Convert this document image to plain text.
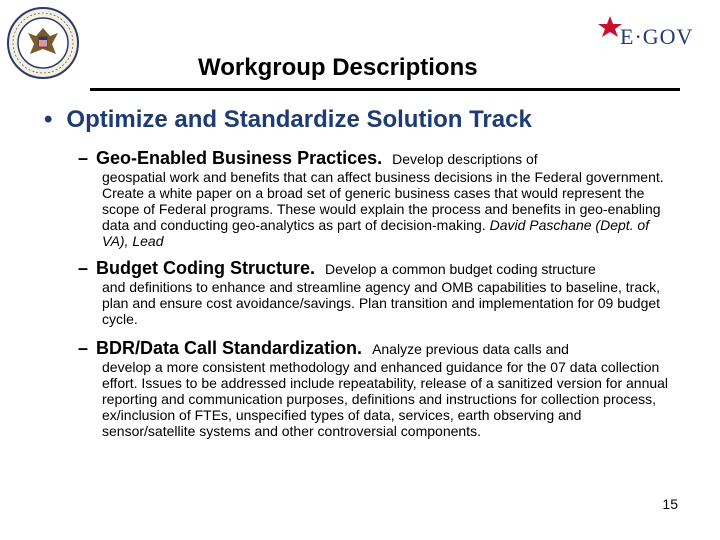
E·GOV
Workgroup Descriptions
• Optimize and Standardize Solution Track
– Geo-Enabled Business Practices. Develop descriptions of
geospatial work and benefits that can affect business decisions in the Federal government. Create a white paper on a broad set of generic business cases that would represent the scope of Federal programs. These would explain the process and benefits in geo-enabling data and conducting geo-analytics as part of decision-making. David Paschane (Dept. of VA), Lead
– Budget Coding Structure. Develop a common budget coding structure
and definitions to enhance and streamline agency and OMB capabilities to baseline, track, plan and ensure cost avoidance/savings. Plan transition and implementation for 09 budget cycle.
– BDR/Data Call Standardization. Analyze previous data calls and
develop a more consistent methodology and enhanced guidance for the 07 data collection effort. Issues to be addressed include repeatability, release of a sanitized version for annual reporting and communication purposes, definitions and instructions for collection process, ex/inclusion of FTEs, unspecified types of data, services, earth observing and sensor/satellite systems and other controversial components.
15
